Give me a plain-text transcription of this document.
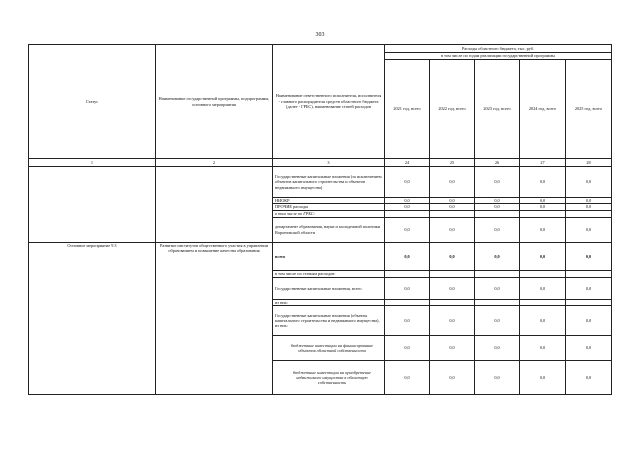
303
Статус	Наименование государственной программы, подпрограммы, основного мероприятия	Наименование ответственного исполнителя, исполнителя - главного распорядителя средств областного бюджета (далее - ГРБС), наименование статей расходов	Расходы областного бюджета, тыс. руб.				
			в том числе по годам реализации государственной программы				
			2021 год, всего	2022 год, всего	2023 год, всего	2024 год, всего	2025 год, всего
1	2	3	24	25	26	27	28
		Государственные капитальные вложения (за исключением объектов капитального строительства и объектов недвижимого имущества)	0,0	0,0	0,0	0,0	0,0
		НИОКР	0,0	0,0	0,0	0,0	0,0
		ПРОЧИЕ расходы	0,0	0,0	0,0	0,0	0,0
		в том числе по ГРБС:					
		департамент образования, науки и молодежной политики Воронежской области	0,0	0,0	0,0	0,0	0,0
Основное мероприятие 9.3	Развитие институтов общественного участия в управлении образованием и повышение качества образования	всего	0,0	0,0	0,0	0,0	0,0
		в том числе по статьям расходов:					
		Государственные капитальные вложения, всего	0,0	0,0	0,0	0,0	0,0
		из них:					
		Государственные капитальные вложения (объекты капитального строительства и недвижимого имущества), из них:	0,0	0,0	0,0	0,0	0,0
		бюджетные инвестиции на финансирование объектов областной собственности	0,0	0,0	0,0	0,0	0,0
		бюджетные инвестиции на приобретение недвижимого имущества в областную собственность	0,0	0,0	0,0	0,0	0,0
